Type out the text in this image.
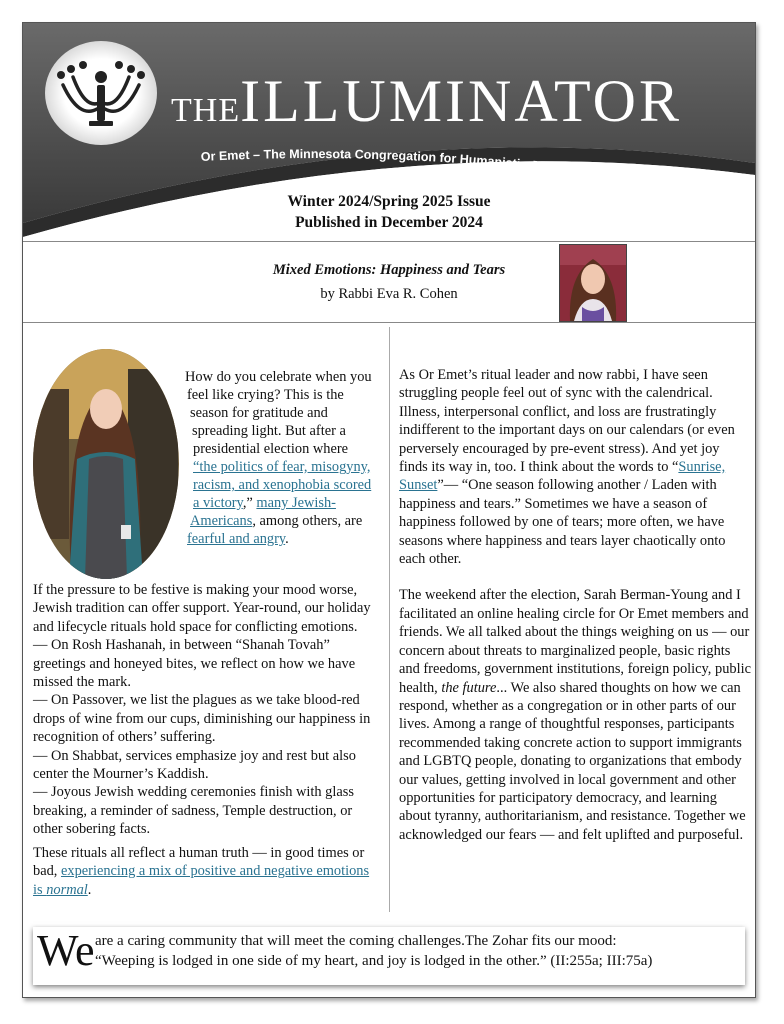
Or Emet – The Minnesota Congregation for Humanistic Judaism
THEILLUMINATOR
Winter 2024/Spring 2025 Issue
Published in December 2024
Mixed Emotions: Happiness and Tears
by Rabbi Eva R. Cohen
How do you celebrate when you
feel like crying? This is the
season for gratitude and
spreading light. But after a
presidential election where
“the politics of fear, misogyny,
racism, and xenophobia scored
a victory,” many Jewish-
Americans, among others, are
fearful and angry.

If the pressure to be festive is making your mood worse, Jewish tradition can offer support. Year-round, our holiday and lifecycle rituals hold space for conflicting emotions.

— On Rosh Hashanah, in between “Shanah Tovah” greetings and honeyed bites, we reflect on how we have missed the mark.

— On Passover, we list the plagues as we take blood-red drops of wine from our cups, diminishing our happiness in recognition of others’ suffering.

— On Shabbat, services emphasize joy and rest but also center the Mourner’s Kaddish.

— Joyous Jewish wedding ceremonies finish with glass breaking, a reminder of sadness, Temple destruction, or other sobering facts.

These rituals all reflect a human truth — in good times or bad, experiencing a mix of positive and negative emotions is normal.

As Or Emet’s ritual leader and now rabbi, I have seen struggling people feel out of sync with the calendrical. Illness, interpersonal conflict, and loss are frustratingly indifferent to the important days on our calendars (or even perversely encouraged by pre-event stress). And yet joy finds its way in, too. I think about the words to “Sunrise, Sunset”— “One season following another / Laden with happiness and tears.” Sometimes we have a season of happiness followed by one of tears; more often, we have seasons where happiness and tears layer chaotically onto each other.

The weekend after the election, Sarah Berman-Young and I facilitated an online healing circle for Or Emet members and friends. We all talked about the things weighing on us — our concern about threats to marginalized people, basic rights and freedoms, government institutions, foreign policy, public health, the future... We also shared thoughts on how we can respond, whether as a congregation or in other parts of our lives. Among a range of thoughtful responses, participants recommended taking concrete action to support immigrants and LGBTQ people, donating to organizations that embody our values, getting involved in local government and other opportunities for participatory democracy, and learning about tyranny, authoritarianism, and resistance. Together we acknowledged our fears — and felt uplifted and purposeful.

We are a caring community that will meet the coming challenges.The Zohar fits our mood:
“Weeping is lodged in one side of my heart, and joy is lodged in the other.” (II:255a; III:75a)
